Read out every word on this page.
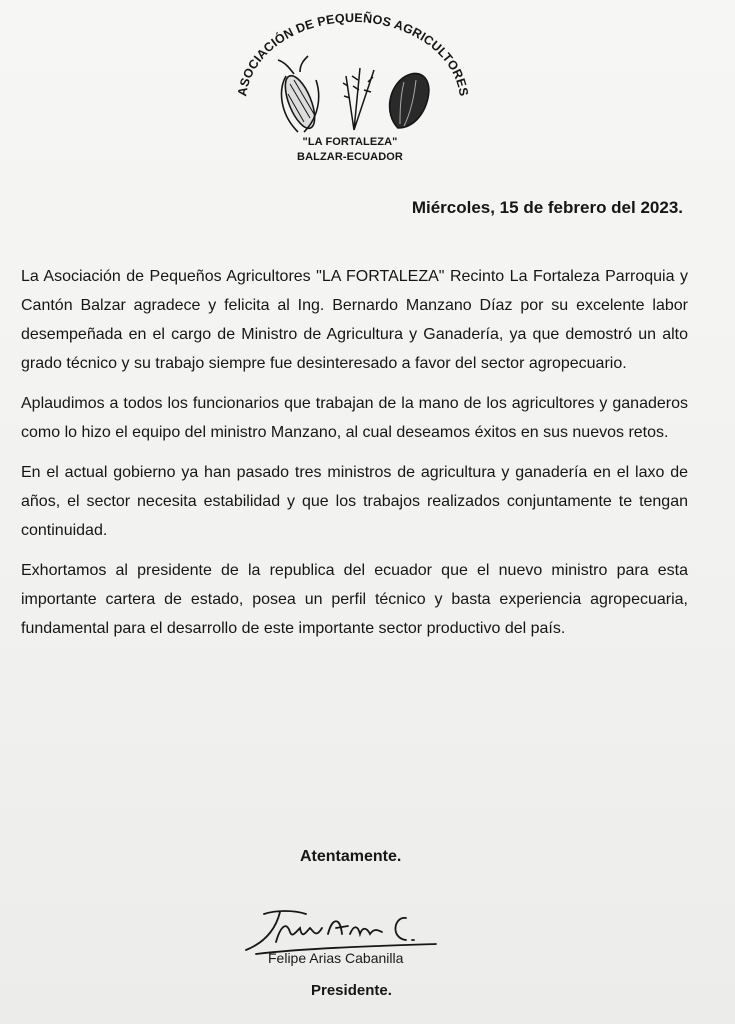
ASOCIACIÓN DE PEQUEÑOS AGRICULTORES
"LA FORTALEZA"
BALZAR-ECUADOR
Miércoles, 15 de febrero del 2023.

La Asociación de Pequeños Agricultores "LA FORTALEZA" Recinto La Fortaleza Parroquia y Cantón Balzar agradece y felicita al Ing. Bernardo Manzano Díaz por su excelente labor desempeñada en el cargo de Ministro de Agricultura y Ganadería, ya que demostró un alto grado técnico y su trabajo siempre fue desinteresado a favor del sector agropecuario.

Aplaudimos a todos los funcionarios que trabajan de la mano de los agricultores y ganaderos como lo hizo el equipo del ministro Manzano, al cual deseamos éxitos en sus nuevos retos.

En el actual gobierno ya han pasado tres ministros de agricultura y ganadería en el laxo de años, el sector necesita estabilidad y que los trabajos realizados conjuntamente te tengan continuidad.

Exhortamos al presidente de la republica del ecuador que el nuevo ministro para esta importante cartera de estado, posea un perfil técnico y basta experiencia agropecuaria, fundamental para el desarrollo de este importante sector productivo del país.

Atentamente.
Felipe Arias Cabanilla
Presidente.
